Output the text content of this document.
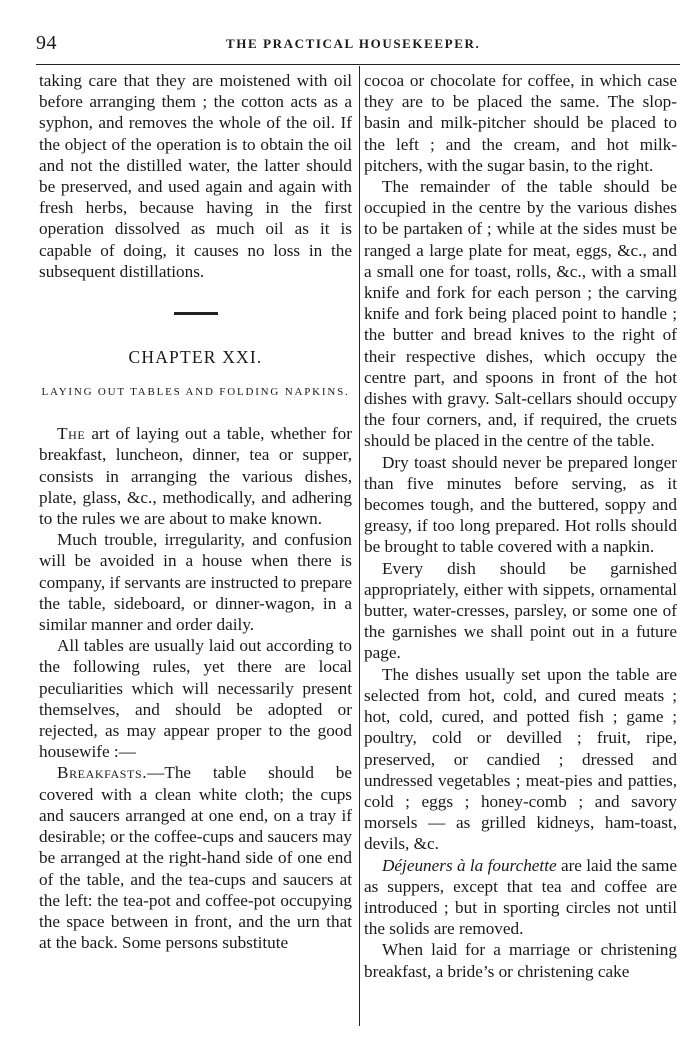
94	THE PRACTICAL HOUSEKEEPER.

taking care that they are moistened with oil before arranging them ; the cotton acts as a syphon, and removes the whole of the oil. If the object of the operation is to obtain the oil and not the distilled water, the latter should be preserved, and used again and again with fresh herbs, because having in the first operation dissolved as much oil as it is capable of doing, it causes no loss in the subsequent distillations.

CHAPTER XXI.
LAYING OUT TABLES AND FOLDING NAPKINS.

The art of laying out a table, whether for breakfast, luncheon, dinner, tea or supper, consists in arranging the various dishes, plate, glass, &c., methodically, and adhering to the rules we are about to make known.

Much trouble, irregularity, and confusion will be avoided in a house when there is company, if servants are instructed to prepare the table, sideboard, or dinner-wagon, in a similar manner and order daily.

All tables are usually laid out according to the following rules, yet there are local peculiarities which will necessarily present themselves, and should be adopted or rejected, as may appear proper to the good housewife :—

Breakfasts.—The table should be covered with a clean white cloth; the cups and saucers arranged at one end, on a tray if desirable; or the coffee-cups and saucers may be arranged at the right-hand side of one end of the table, and the tea-cups and saucers at the left: the tea-pot and coffee-pot occupying the space between in front, and the urn that at the back. Some persons substitute

cocoa or chocolate for coffee, in which case they are to be placed the same. The slop-basin and milk-pitcher should be placed to the left ; and the cream, and hot milk-pitchers, with the sugar basin, to the right.

The remainder of the table should be occupied in the centre by the various dishes to be partaken of ; while at the sides must be ranged a large plate for meat, eggs, &c., and a small one for toast, rolls, &c., with a small knife and fork for each person ; the carving knife and fork being placed point to handle ; the butter and bread knives to the right of their respective dishes, which occupy the centre part, and spoons in front of the hot dishes with gravy. Salt-cellars should occupy the four corners, and, if required, the cruets should be placed in the centre of the table.

Dry toast should never be prepared longer than five minutes before serving, as it becomes tough, and the buttered, soppy and greasy, if too long prepared. Hot rolls should be brought to table covered with a napkin.

Every dish should be garnished appropriately, either with sippets, ornamental butter, water-cresses, parsley, or some one of the garnishes we shall point out in a future page.

The dishes usually set upon the table are selected from hot, cold, and cured meats ; hot, cold, cured, and potted fish ; game ; poultry, cold or devilled ; fruit, ripe, preserved, or candied ; dressed and undressed vegetables ; meat-pies and patties, cold ; eggs ; honey-comb ; and savory morsels — as grilled kidneys, ham-toast, devils, &c.

Déjeuners à la fourchette are laid the same as suppers, except that tea and coffee are introduced ; but in sporting circles not until the solids are removed.

When laid for a marriage or christening breakfast, a bride’s or christening cake
